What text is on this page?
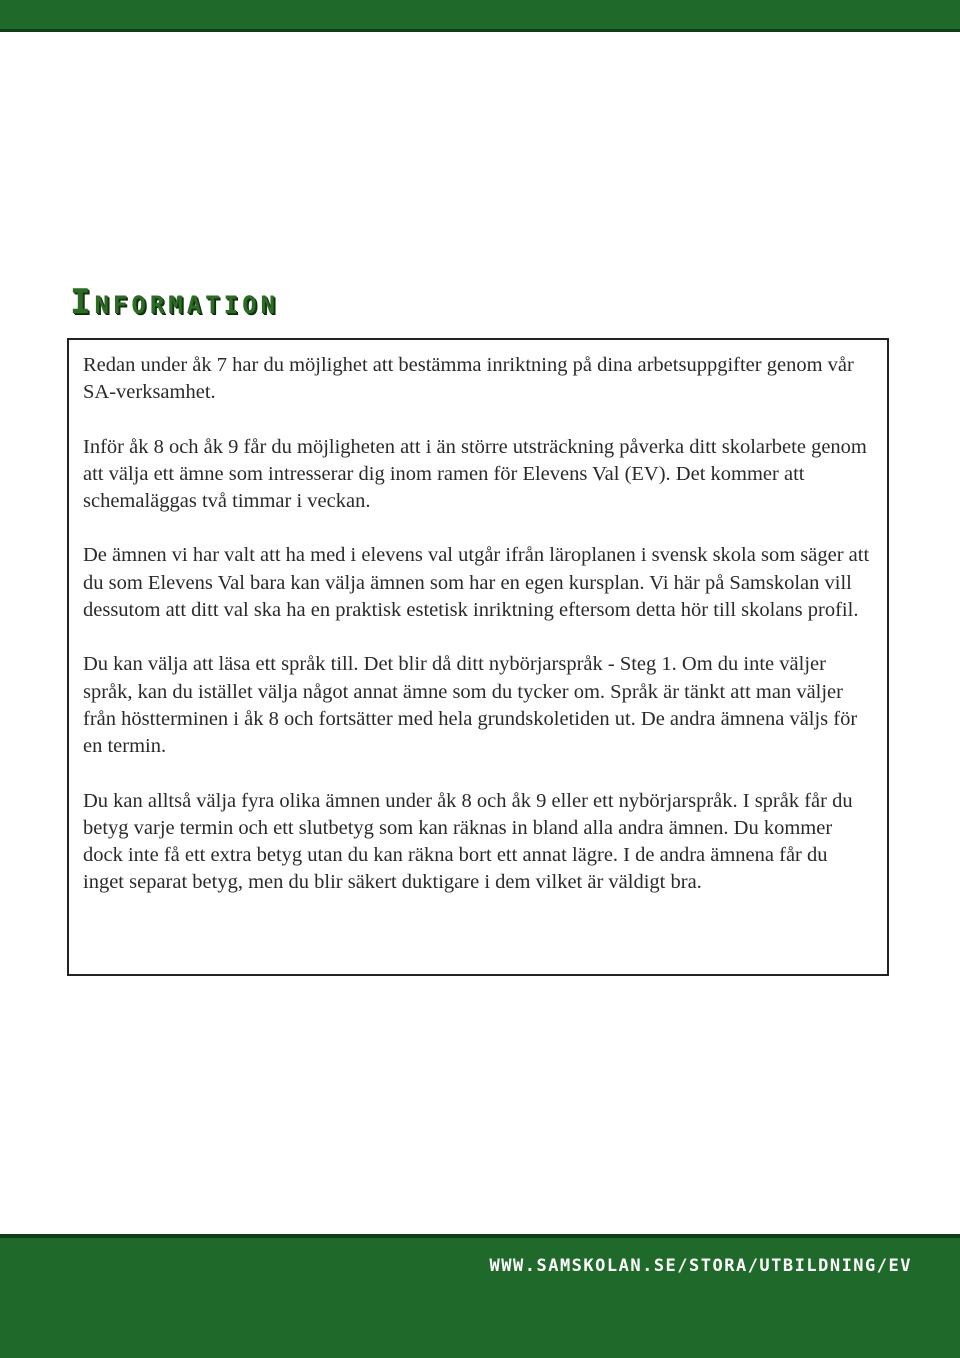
Information

Redan under åk 7 har du möjlighet att bestämma inriktning på dina arbetsuppgifter genom vår SA-verksamhet.

Inför åk 8 och åk 9 får du möjligheten att i än större utsträckning påverka ditt skolarbete genom att välja ett ämne som intresserar dig inom ramen för Elevens Val (EV). Det kommer att schemaläggas två timmar i veckan.

De ämnen vi har valt att ha med i elevens val utgår ifrån läroplanen i svensk skola som säger att du som Elevens Val bara kan välja ämnen som har en egen kursplan. Vi här på Samskolan vill dessutom att ditt val ska ha en praktisk estetisk inriktning eftersom detta hör till skolans profil.

Du kan välja att läsa ett språk till. Det blir då ditt nybörjarspråk - Steg 1. Om du inte väljer språk, kan du istället välja något annat ämne som du tycker om. Språk är tänkt att man väljer från höstterminen i åk 8 och fortsätter med hela grundskoletiden ut. De andra ämnena väljs för en termin.

Du kan alltså välja fyra olika ämnen under åk 8 och åk 9 eller ett nybörjarspråk. I språk får du betyg varje termin och ett slutbetyg som kan räknas in bland alla andra ämnen. Du kommer dock inte få ett extra betyg utan du kan räkna bort ett annat lägre. I de andra ämnena får du inget separat betyg, men du blir säkert duktigare i dem vilket är väldigt bra.

WWW.SAMSKOLAN.SE/STORA/UTBILDNING/EV
